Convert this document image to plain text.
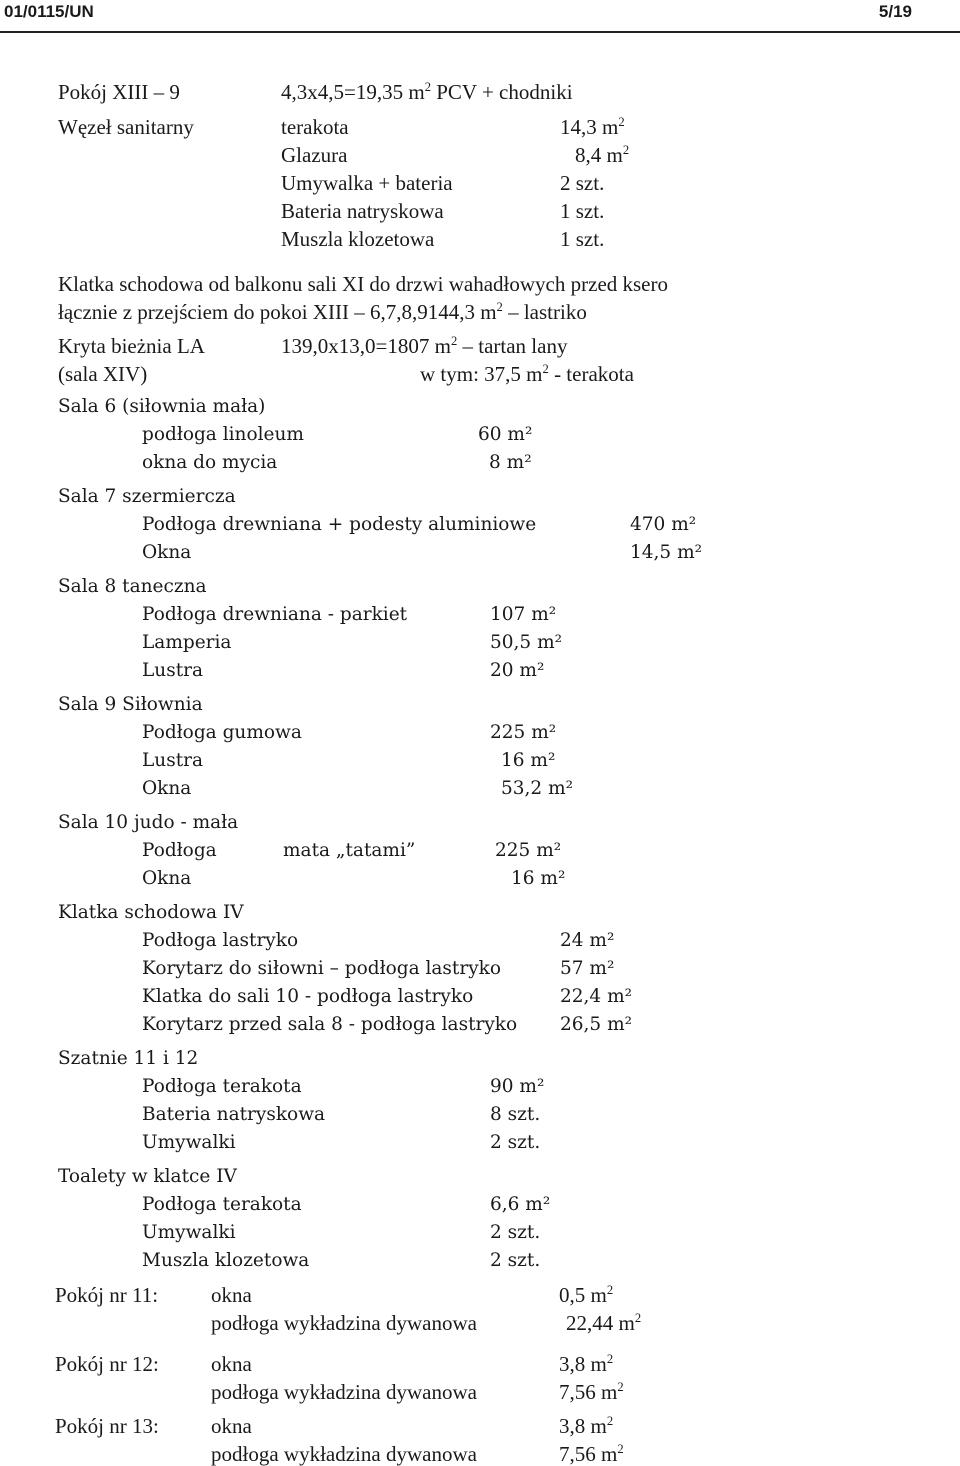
01/0115/UN	5/19
Pokój XIII – 9	4,3x4,5=19,35 $m^2$ PCV + chodniki
Węzeł sanitarny	terakota	14,3 $m^2$
Glazura	8,4 $m^2$
Umywalka + bateria	2 szt.
Bateria natryskowa	1 szt.
Muszla klozetowa	1 szt.
Klatka schodowa od balkonu sali XI do drzwi wahadłowych przed ksero
łącznie z przejściem do pokoi XIII – 6,7,8,9144,3 $m^2$ – lastriko
Kryta bieżnia LA	139,0x13,0=1807 $m^2$ – tartan lany
(sala XIV)	w tym: 37,5 $m^2$ - terakota
Sala 6 (siłownia mała)
podłoga linoleum	60 m²
okna do mycia	8 m²
Sala 7 szermiercza
Podłoga drewniana + podesty aluminiowe	470 m²
Okna	14,5 m²
Sala 8 taneczna
Podłoga drewniana - parkiet	107 m²
Lamperia	50,5 m²
Lustra	20 m²
Sala 9 Siłownia
Podłoga gumowa	225 m²
Lustra	16 m²
Okna	53,2 m²
Sala 10 judo - mała
Podłoga	mata „tatami”	225 m²
Okna	16 m²
Klatka schodowa IV
Podłoga lastryko	24 m²
Korytarz do siłowni – podłoga lastryko	57 m²
Klatka do sali 10 - podłoga lastryko	22,4 m²
Korytarz przed sala 8 - podłoga lastryko 26,5 m²
Szatnie 11 i 12
Podłoga terakota	90 m²
Bateria natryskowa	8 szt.
Umywalki	2 szt.
Toalety w klatce IV
Podłoga terakota	6,6 m²
Umywalki	2 szt.
Muszla klozetowa	2 szt.
Pokój nr 11:	okna	0,5 $m^2$
podłoga wykładzina dywanowa	22,44 $m^2$
Pokój nr 12: okna	3,8 $m^2$
podłoga wykładzina dywanowa	7,56 $m^2$
Pokój nr 13: okna	3,8 $m^2$
podłoga wykładzina dywanowa	7,56 $m^2$
